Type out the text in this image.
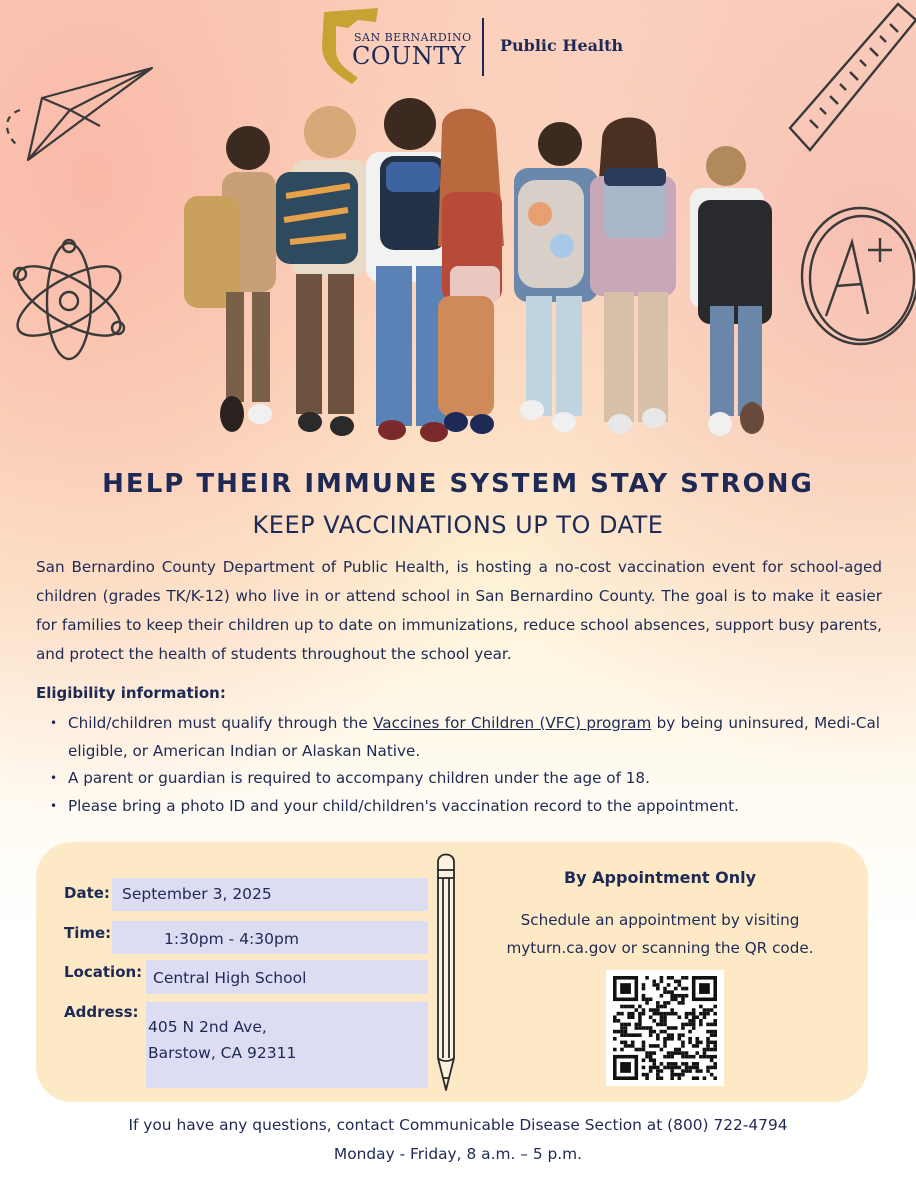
SAN BERNARDINO
COUNTY Public Health
HELP THEIR IMMUNE SYSTEM STAY STRONG
KEEP VACCINATIONS UP TO DATE
San Bernardino County Department of Public Health, is hosting a no-cost vaccination event for school-aged children (grades TK/K-12) who live in or attend school in San Bernardino County. The goal is to make it easier for families to keep their children up to date on immunizations, reduce school absences, support busy parents, and protect the health of students throughout the school year.
Eligibility information:
• Child/children must qualify through the Vaccines for Children (VFC) program by being uninsured, Medi-Cal eligible, or American Indian or Alaskan Native.
• A parent or guardian is required to accompany children under the age of 18.
• Please bring a photo ID and your child/children's vaccination record to the appointment.
Date: September 3, 2025
Time:	1:30pm - 4:30pm
Location: Central High School
Address:
405 N 2nd Ave,
Barstow, CA 92311
By Appointment Only
Schedule an appointment by visiting
myturn.ca.gov or scanning the QR code.
If you have any questions, contact Communicable Disease Section at (800) 722-4794
Monday - Friday, 8 a.m. – 5 p.m.
